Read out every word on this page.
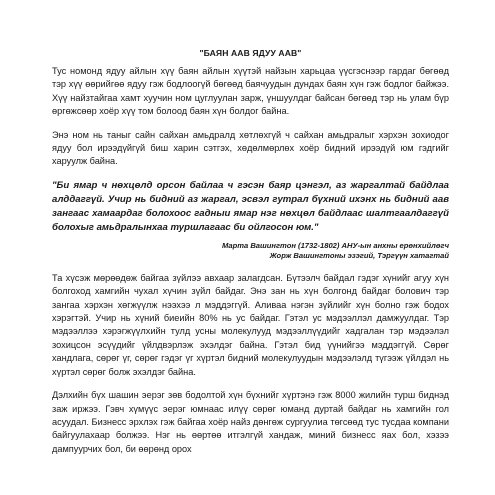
"БАЯН ААВ ЯДУУ ААВ"

Тус номонд ядуу айлын хүү баян айлын хүүтэй найзын харьцаа үүсгэснээр гардаг бөгөөд тэр хүү өөрийгөө ядуу гэж бодлоогүй бөгөөд баячуудын дундах баян хүн гэж бодлог байжээ. Хүү найзтайгаа хамт хуучин ном цуглуулан зарж, үншуулдаг байсан бөгөөд тэр нь улам бүр өргөжсөөр хоёр хүү том болоод баян хүн болдог байна.

Энэ ном нь таныг сайн сайхан амьдралд хөтлөхгүй ч сайхан амьдралыг хэрхэн зохиодог ядуу бол ирээдүйгүй биш харин сэтгэх, хөдөлмөрлөх хоёр бидний ирээдүй юм гэдгийг харуулж байна.

"Би ямар ч нөхцөлд орсон байлаа ч гэсэн баяр цэнгэл, аз жаргалтай байдлаа алддаггүй. Учир нь бидний аз жаргал, эсвэл гутрал бүхний ихэнх нь бидний аав зангааc хамаардаг болохоос гадныи ямар нэг нөхцөл байдлаас шалтгаалдаггүй болохыг амьдралынхаа туршлагаас би ойлгосон юм."

Марта Вашингтон (1732-1802) АНУ-ын анхны ерөнхийлөгч

Жорж Вашингтоны эзэгий, Тэргүүн хатагтай

Та хүсэж мөрөөдөж байгаа зүйлээ авхаар залагдсан. Бүтээлч байдал гэдэг хүнийг агуу хүн болгоход хамгийн чухал хүчин зүйл байдаг. Энэ зан нь хүн болгонд байдаг болович тэр зангаа хэрхэн хөгжүүлж нээхээ л мэддэггүй. Аливаа нэгэн зүйлийг хүн болно гэж бодох хэрэгтэй. Учир нь хүний биеийн 80% нь ус байдаг. Гэтэл ус мэдээллэл дамжуулдаг. Тэр мэдээллээ хэрэгжүүлхийн тулд усны молекулууд мэдээллүүдийг хадгалан тэр мэдээлэл зохицсон эсүүдийг үйлдвэрлэж эхэлдэг байна. Гэтэл бид үүнийгээ мэддэггүй. Сөрөг хандлага, сөрөг үг, сөрөг гэдэг үг хүртэл бидний молекулуудын мэдээлэлд түгээж үйлдэл нь хүртэл сөрөг болж эхэлдэг байна.

Дэлхийн бүх шашин эерэг зөв бодолтой хүн бүхнийг хүртэнэ гэж 8000 жилийн турш биднэд заж иржээ. Гэвч хүмүүс эерэг юмнаас илүү сөрөг юманд дуртай байдаг нь хамгийн гол асуудал. Бизнесс эрхлэх гэж байгаа хоёр найз дөнгөж сургуулиа төгсөөд тус тусдаа компани байгуулахаар болжээ. Нэг нь өөртөө итгэлгүй хандаж, миний бизнесс яах бол, хэзээ дампуурчих бол, би өөрөнд орох
